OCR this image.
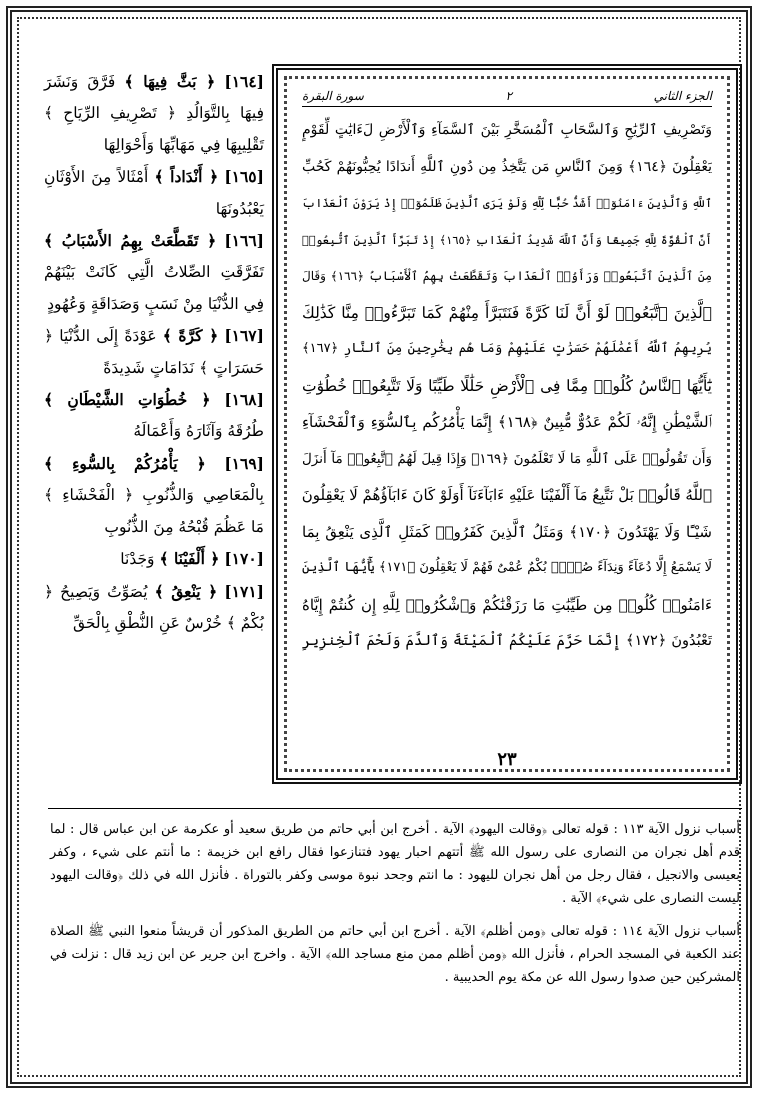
الجزء الثاني
٢
سورة البقرة
وَتَصْرِيفِ ٱلرِّيَٰحِ وَٱلسَّحَابِ ٱلْمُسَخَّرِ بَيْنَ ٱلسَّمَآءِ وَٱلْأَرْضِ لَءَايَٰتٍ لِّقَوْمٍ
يَعْقِلُونَ ﴿١٦٤﴾ وَمِنَ ٱلنَّاسِ مَن يَتَّخِذُ مِن دُونِ ٱللَّهِ أَندَادًا يُحِبُّونَهُمْ كَحُبِّ
ٱللَّهِ وَٱلَّذِينَ ءَامَنُوٓا۟ أَشَدُّ حُبًّا لِّلَّهِ وَلَوْ يَرَى ٱلَّذِينَ ظَلَمُوٓا۟ إِذْ يَرَوْنَ ٱلْعَذَابَ
أَنَّ ٱلْقُوَّةَ لِلَّهِ جَمِيعًا وَأَنَّ ٱللَّهَ شَدِيدُ ٱلْعَذَابِ ﴿١٦٥﴾ إِذْ تَبَرَّأَ ٱلَّذِينَ ٱتُّبِعُوا۟
مِنَ ٱلَّذِينَ ٱتَّبَعُوا۟ وَرَأَوُا۟ ٱلْعَذَابَ وَتَقَطَّعَتْ بِهِمُ ٱلْأَسْبَابُ ﴿١٦٦﴾ وَقَالَ
ٱلَّذِينَ ٱتَّبَعُوا۟ لَوْ أَنَّ لَنَا كَرَّةً فَنَتَبَرَّأَ مِنْهُمْ كَمَا تَبَرَّءُوا۟ مِنَّا كَذَٰلِكَ
يُرِيهِمُ ٱللَّهُ أَعْمَٰلَهُمْ حَسَرَٰتٍ عَلَيْهِمْ وَمَا هُم بِخَٰرِجِينَ مِنَ ٱلنَّارِ ﴿١٦٧﴾
يَٰٓأَيُّهَا ٱلنَّاسُ كُلُوا۟ مِمَّا فِى ٱلْأَرْضِ حَلَٰلًا طَيِّبًا وَلَا تَتَّبِعُوا۟ خُطُوَٰتِ
ٱلشَّيْطَٰنِ إِنَّهُۥ لَكُمْ عَدُوٌّ مُّبِينٌ ﴿١٦٨﴾ إِنَّمَا يَأْمُرُكُم بِٱلسُّوٓءِ وَٱلْفَحْشَآءِ
وَأَن تَقُولُوا۟ عَلَى ٱللَّهِ مَا لَا تَعْلَمُونَ ﴿١٦٩﴾ وَإِذَا قِيلَ لَهُمُ ٱتَّبِعُوا۟ مَآ أَنزَلَ
ٱللَّهُ قَالُوا۟ بَلْ نَتَّبِعُ مَآ أَلْفَيْنَا عَلَيْهِ ءَابَآءَنَآ أَوَلَوْ كَانَ ءَابَآؤُهُمْ لَا يَعْقِلُونَ
شَيْـًٔا وَلَا يَهْتَدُونَ ﴿١٧٠﴾ وَمَثَلُ ٱلَّذِينَ كَفَرُوا۟ كَمَثَلِ ٱلَّذِى يَنْعِقُ بِمَا
لَا يَسْمَعُ إِلَّا دُعَآءً وَنِدَآءً صُمٌّۢ بُكْمٌ عُمْىٌ فَهُمْ لَا يَعْقِلُونَ ﴿١٧١﴾ يَٰٓأَيُّهَا ٱلَّذِينَ
ءَامَنُوا۟ كُلُوا۟ مِن طَيِّبَٰتِ مَا رَزَقْنَٰكُمْ وَٱشْكُرُوا۟ لِلَّهِ إِن كُنتُمْ إِيَّاهُ
تَعْبُدُونَ ﴿١٧٢﴾ إِنَّمَا حَرَّمَ عَلَيْكُمُ ٱلْمَيْتَةَ وَٱلدَّمَ وَلَحْمَ ٱلْخِنزِيرِ
٢٣
[١٦٤] ﴿ بَثَّ فِيهَا ﴾ فَرَّقَ وَنَشَرَ فِيهَا بِالتَّوَالُدِ ﴿ تَصْرِيفِ الرِّيَاحِ ﴾ تَقْلِيبِهَا فِي مَهَابِّهَا وَأَحْوَالِهَا
[١٦٥] ﴿ أَنْدَاداً ﴾ أَمْثَالاً مِنَ الأَوْثَانِ يَعْبُدُونَهَا
[١٦٦] ﴿ تَقَطَّعَتْ بِهِمُ الأَسْبَابُ ﴾ تَفَرَّقَتِ الصِّلاتُ الَّتِي كَانَتْ بَيْنَهُمْ فِي الدُّنْيَا مِنْ نَسَبٍ وَصَدَاقَةٍ وَعُهُودٍ
[١٦٧] ﴿ كَرَّةً ﴾ عَوْدَةً إِلَى الدُّنْيَا ﴿ حَسَرَاتٍ ﴾ نَدَامَاتٍ شَدِيدَةً
[١٦٨] ﴿ خُطُوَاتِ الشَّيْطَانِ ﴾ طُرُقَهُ وَآثَارَهُ وَأَعْمَالَهُ
[١٦٩] ﴿ يَأْمُرُكُمْ بِالسُّوءِ ﴾ بِالْمَعَاصِي وَالذُّنُوبِ ﴿ الْفَحْشَاءِ ﴾ مَا عَظُمَ قُبْحُهُ مِنَ الذُّنُوبِ
[١٧٠] ﴿ أَلْفَيْنَا ﴾ وَجَدْنَا
[١٧١] ﴿ يَنْعِقُ ﴾ يُصَوِّتُ وَيَصِيحُ ﴿ بُكْمٌ ﴾ خُرْسٌ عَنِ النُّطْقِ بِالْحَقِّ

أسباب نزول الآية ١١٣ : قوله تعالى ﴿وقالت اليهود﴾ الآية . أخرج ابن أبي حاتم من طريق سعيد أو عكرمة عن ابن عباس قال : لما قدم أهل نجران من النصارى على رسول الله ﷺ أتتهم احبار يهود فتنازعوا فقال رافع ابن خزيمة : ما أنتم على شيء ، وكفر بعيسى والانجيل ، فقال رجل من أهل نجران لليهود : ما انتم وجحد نبوة موسى وكفر بالتوراة . فأنزل الله في ذلك ﴿وقالت اليهود ليست النصارى على شيء﴾ الآية .

أسباب نزول الآية ١١٤ : قوله تعالى ﴿ومن أظلم﴾ الآية . أخرج ابن أبي حاتم من الطريق المذكور أن قريشاً منعوا النبي ﷺ الصلاة عند الكعبة في المسجد الحرام ، فأنزل الله ﴿ومن أظلم ممن منع مساجد الله﴾ الآية . واخرج ابن جرير عن ابن زيد قال : نزلت في المشركين حين صدوا رسول الله عن مكة يوم الحديبية .
